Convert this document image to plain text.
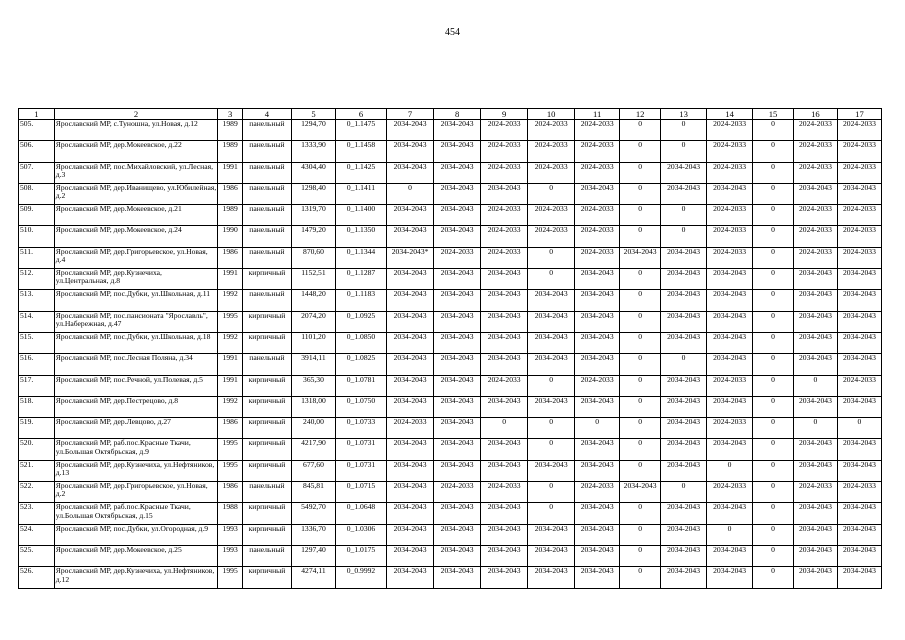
454
1	2	3	4	5	6	7	8	9	10	11	12	13	14	15	16	17
505.	Ярославский МР, с.Туношна, ул.Новая, д.12	1989	панельный	1294,70	0_1.1475	2034-2043	2034-2043	2024-2033	2024-2033	2024-2033	0	0	2024-2033	0	2024-2033	2024-2033
506.	Ярославский МР, дер.Мокеевское, д.22	1989	панельный	1333,90	0_1.1458	2034-2043	2034-2043	2024-2033	2024-2033	2024-2033	0	0	2024-2033	0	2024-2033	2024-2033
507.	Ярославский МР, пос.Михайловский, ул.Лесная, д.3	1991	панельный	4304,40	0_1.1425	2034-2043	2034-2043	2024-2033	2024-2033	2024-2033	0	2034-2043	2024-2033	0	2024-2033	2024-2033
508.	Ярославский МР, дер.Иванищево, ул.Юбилейная, д.2	1986	панельный	1298,40	0_1.1411	0	2034-2043	2034-2043	0	2034-2043	0	2034-2043	2034-2043	0	2034-2043	2034-2043
509.	Ярославский МР, дер.Мокеевское, д.21	1989	панельный	1319,70	0_1.1400	2034-2043	2034-2043	2024-2033	2024-2033	2024-2033	0	0	2024-2033	0	2024-2033	2024-2033
510.	Ярославский МР, дер.Мокеевское, д.24	1990	панельный	1479,20	0_1.1350	2034-2043	2034-2043	2024-2033	2024-2033	2024-2033	0	0	2024-2033	0	2024-2033	2024-2033
511.	Ярославский МР, дер.Григорьевское, ул.Новая, д.4	1986	панельный	870,60	0_1.1344	2034-2043*	2024-2033	2024-2033	0	2024-2033	2034-2043	2034-2043	2024-2033	0	2024-2033	2024-2033
512.	Ярославский МР, дер.Кузнечиха, ул.Центральная, д.8	1991	кирпичный	1152,51	0_1.1287	2034-2043	2034-2043	2034-2043	0	2034-2043	0	2034-2043	2034-2043	0	2034-2043	2034-2043
513.	Ярославский МР, пос.Дубки, ул.Школьная, д.11	1992	панельный	1448,20	0_1.1183	2034-2043	2034-2043	2034-2043	2034-2043	2034-2043	0	2034-2043	2034-2043	0	2034-2043	2034-2043
514.	Ярославский МР, пос.пансионата "Ярославль", ул.Набережная, д.47	1995	кирпичный	2074,20	0_1.0925	2034-2043	2034-2043	2034-2043	2034-2043	2034-2043	0	2034-2043	2034-2043	0	2034-2043	2034-2043
515.	Ярославский МР, пос.Дубки, ул.Школьная, д.18	1992	кирпичный	1101,20	0_1.0850	2034-2043	2034-2043	2034-2043	2034-2043	2034-2043	0	2034-2043	2034-2043	0	2034-2043	2034-2043
516.	Ярославский МР, пос.Лесная Поляна, д.34	1991	панельный	3914,11	0_1.0825	2034-2043	2034-2043	2034-2043	2034-2043	2034-2043	0	0	2034-2043	0	2034-2043	2034-2043
517.	Ярославский МР, пос.Речной, ул.Полевая, д.5	1991	кирпичный	365,30	0_1.0781	2034-2043	2034-2043	2024-2033	0	2024-2033	0	2034-2043	2024-2033	0	0	2024-2033
518.	Ярославский МР, дер.Пестрецово, д.8	1992	кирпичный	1318,00	0_1.0750	2034-2043	2034-2043	2034-2043	2034-2043	2034-2043	0	2034-2043	2034-2043	0	2034-2043	2034-2043
519.	Ярославский МР, дер.Левцово, д.27	1986	кирпичный	240,00	0_1.0733	2024-2033	2034-2043	0	0	0	0	2034-2043	2024-2033	0	0	0
520.	Ярославский МР, раб.пос.Красные Ткачи, ул.Большая Октябрьская, д.9	1995	кирпичный	4217,90	0_1.0731	2034-2043	2034-2043	2034-2043	0	2034-2043	0	2034-2043	2034-2043	0	2034-2043	2034-2043
521.	Ярославский МР, дер.Кузнечиха, ул.Нефтяников, д.13	1995	кирпичный	677,60	0_1.0731	2034-2043	2034-2043	2034-2043	2034-2043	2034-2043	0	2034-2043	0	0	2034-2043	2034-2043
522.	Ярославский МР, дер.Григорьевское, ул.Новая, д.2	1986	панельный	845,81	0_1.0715	2034-2043	2024-2033	2024-2033	0	2024-2033	2034-2043	0	2024-2033	0	2024-2033	2024-2033
523.	Ярославский МР, раб.пос.Красные Ткачи, ул.Большая Октябрьская, д.15	1988	кирпичный	5492,70	0_1.0648	2034-2043	2034-2043	2034-2043	0	2034-2043	0	2034-2043	2034-2043	0	2034-2043	2034-2043
524.	Ярославский МР, пос.Дубки, ул.Огородная, д.9	1993	кирпичный	1336,70	0_1.0306	2034-2043	2034-2043	2034-2043	2034-2043	2034-2043	0	2034-2043	0	0	2034-2043	2034-2043
525.	Ярославский МР, дер.Мокеевское, д.25	1993	панельный	1297,40	0_1.0175	2034-2043	2034-2043	2034-2043	2034-2043	2034-2043	0	2034-2043	2034-2043	0	2034-2043	2034-2043
526.	Ярославский МР, дер.Кузнечиха, ул.Нефтяников, д.12	1995	кирпичный	4274,11	0_0.9992	2034-2043	2034-2043	2034-2043	2034-2043	2034-2043	0	2034-2043	2034-2043	0	2034-2043	2034-2043
